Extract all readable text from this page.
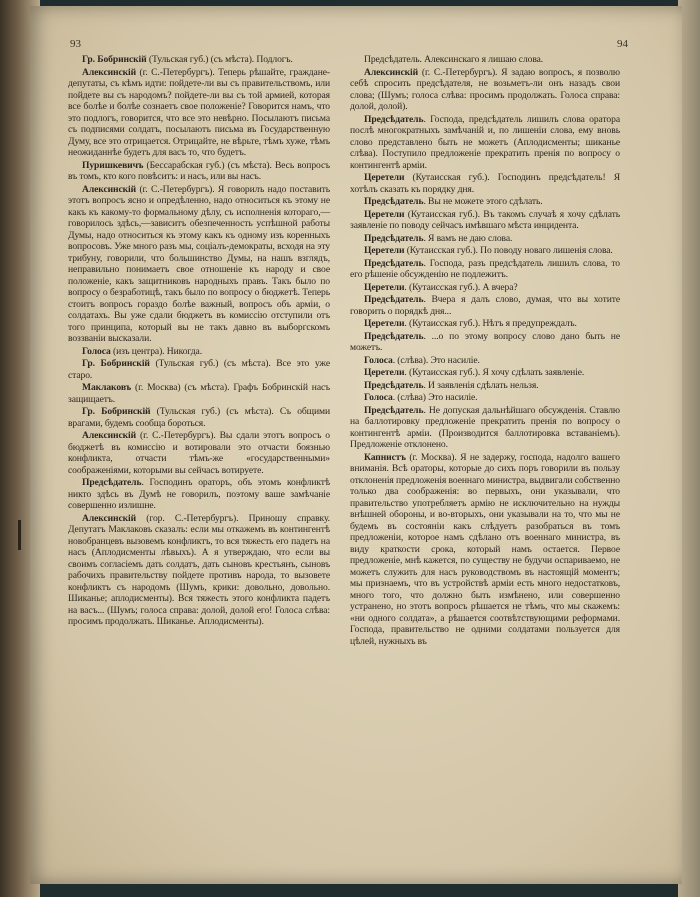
93	94

Гр. Бобринскій (Тульская губ.) (съ мѣста). Подлогъ.

Алексинскій (г. С.-Петербургъ). Теперь рѣшайте, граждане-депутаты, съ кѣмъ идти: пойдете-ли вы съ правительствомъ, или пойдете вы съ народомъ? пойдете-ли вы съ той армией, которая все болѣе и болѣе сознаетъ свое положеніе? Говорится намъ, что это подлогъ, говорится, что все это невѣрно. Посылаютъ письма съ подписями солдатъ, посылаютъ письма въ Государственную Думу, все это отрицается. Отрицайте, не вѣрьте, тѣмъ хуже, тѣмъ неожиданнѣе будетъ для васъ то, что будетъ.

Пуришкевичъ (Бессарабская губ.) (съ мѣста). Весь вопросъ въ томъ, кто кого повѣситъ: и насъ, или вы насъ.

Алексинскій (г. С.-Петербургъ). Я говорилъ надо поставить этотъ вопросъ ясно и опредѣленно, надо относиться къ этому не какъ къ какому-то формальному дѣлу, съ исполненія котораго,—говорилось здѣсь,—зависитъ обезпеченность успѣшной работы Думы, надо относиться къ этому какъ къ одному изъ коренныхъ вопросовъ. Уже много разъ мы, соціалъ-демократы, всходя на эту трибуну, говорили, что большинство Думы, на нашъ взглядъ, неправильно понимаетъ свое отношеніе къ народу и свое положеніе, какъ защитниковъ народныхъ правъ. Такъ было по вопросу о безработицѣ, такъ было по вопросу о бюджетѣ. Теперь стоитъ вопросъ гораздо болѣе важный, вопросъ объ арміи, о солдатахъ. Вы уже сдали бюджетъ въ комиссію отступили отъ того принципа, который вы не такъ давно въ выборгскомъ воззваніи высказали.

Голоса (изъ центра). Никогда.

Гр. Бобринскій (Тульская губ.) (съ мѣста). Все это уже старо.

Маклаковъ (г. Москва) (съ мѣста). Графъ Бобринскій насъ защищаетъ.

Гр. Бобринскій (Тульская губ.) (съ мѣста). Съ общими врагами, будемъ сообща бороться.

Алексинскій (г. С.-Петербургъ). Вы сдали этотъ вопросъ о бюджетѣ въ комиссію и вотировали это отчасти боязнью конфликта, отчасти тѣмъ-же «государственными» соображеніями, которыми вы сейчасъ вотируете.

Предсѣдатель. Господинъ ораторъ, объ этомъ конфликтѣ никто здѣсь въ Думѣ не говорилъ, поэтому ваше замѣчаніе совершенно излишне.

Алексинскій (гор. С.-Петербургъ). Приношу справку. Депутатъ Маклаковъ сказалъ: если мы откажемъ въ контингентѣ новобранцевъ вызовемъ конфликтъ, то вся тяжесть его падетъ на насъ (Аплодисменты лѣвыхъ). А я утверждаю, что если вы своимъ согласіемъ дать солдатъ, дать сыновъ крестьянъ, сыновъ рабочихъ правительству пойдете противъ народа, то вызовете конфликтъ съ народомъ (Шумъ, крики: довольно, довольно. Шиканье; аплодисменты). Вся тяжесть этого конфликта падетъ на васъ... (Шумъ; голоса справа: долой, долой его! Голоса слѣва: просимъ продолжать. Шиканье. Аплодисменты).

Предсѣдатель. Алексинскаго я лишаю слова.

Алексинскій (г. С.-Петербургъ). Я задаю вопросъ, я позволю себѣ спросить предсѣдателя, не возьметъ-ли онъ назадъ свои слова; (Шумъ; голоса слѣва: просимъ продолжать. Голоса справа: долой, долой).

Предсѣдатель. Господа, предсѣдатель лишилъ слова оратора послѣ многократныхъ замѣчаній и, по лишеніи слова, ему вновь слово представлено быть не можетъ (Аплодисменты; шиканье слѣва). Поступило предложеніе прекратить пренія по вопросу о контингентѣ арміи.

Церетели (Кутаисская губ.). Господинъ предсѣдатель! Я хотѣлъ сказать къ порядку дня.

Предсѣдатель. Вы не можете этого сдѣлать.

Церетели (Кутаисская губ.). Въ такомъ случаѣ я хочу сдѣлать заявленіе по поводу сейчасъ имѣвшаго мѣста инцидента.

Предсѣдатель. Я вамъ не даю слова.

Церетели (Кутаисская губ.). По поводу новаго лишенія слова.

Предсѣдатель. Господа, разъ предсѣдатель лишилъ слова, то его рѣшеніе обсужденію не подлежитъ.

Церетели. (Кутаисская губ.). А вчера?

Предсѣдатель. Вчера я далъ слово, думая, что вы хотите говорить о порядкѣ дня...

Церетели. (Кутаисская губ.). Нѣтъ я предупреждалъ.

Предсѣдатель. ...о по этому вопросу слово дано быть не можетъ.

Голоса. (слѣва). Это насиліе.

Церетели. (Кутаисская губ.). Я хочу сдѣлать заявленіе.

Предсѣдатель. И заявленія сдѣлать нельзя.

Голоса. (слѣва) Это насиліе.

Предсѣдатель. Не допуская дальнѣйшаго обсужденія. Ставлю на баллотировку предложеніе прекратить пренія по вопросу о контингентѣ арміи. (Производится баллотировка вставаніемъ). Предложеніе отклонено.

Капнистъ (г. Москва). Я не задержу, господа, надолго вашего вниманія. Всѣ ораторы, которые до сихъ поръ говорили въ пользу отклоненія предложенія военнаго министра, выдвигали собственно только два соображенія: во первыхъ, они указывали, что правительство употребляетъ армію не исключительно на нужды внѣшней обороны, и во-вторыхъ, они указывали на то, что мы не будемъ въ состояніи какъ слѣдуетъ разобраться въ томъ предложеніи, которое намъ сдѣлано отъ военнаго министра, въ виду краткости срока, который намъ остается. Первое предложеніе, мнѣ кажется, по существу не будучи оспариваемо, не можетъ служить для насъ руководствомъ въ настоящій моментъ; мы признаемъ, что въ устройствѣ арміи есть много недостатковъ, много того, что должно быть измѣнено, или совершенно устранено, но этотъ вопросъ рѣшается не тѣмъ, что мы скажемъ: «ни одного солдата», а рѣшается соотвѣтствующими реформами. Господа, правительство не одними солдатами пользуется для цѣлей, нужныхъ въ
